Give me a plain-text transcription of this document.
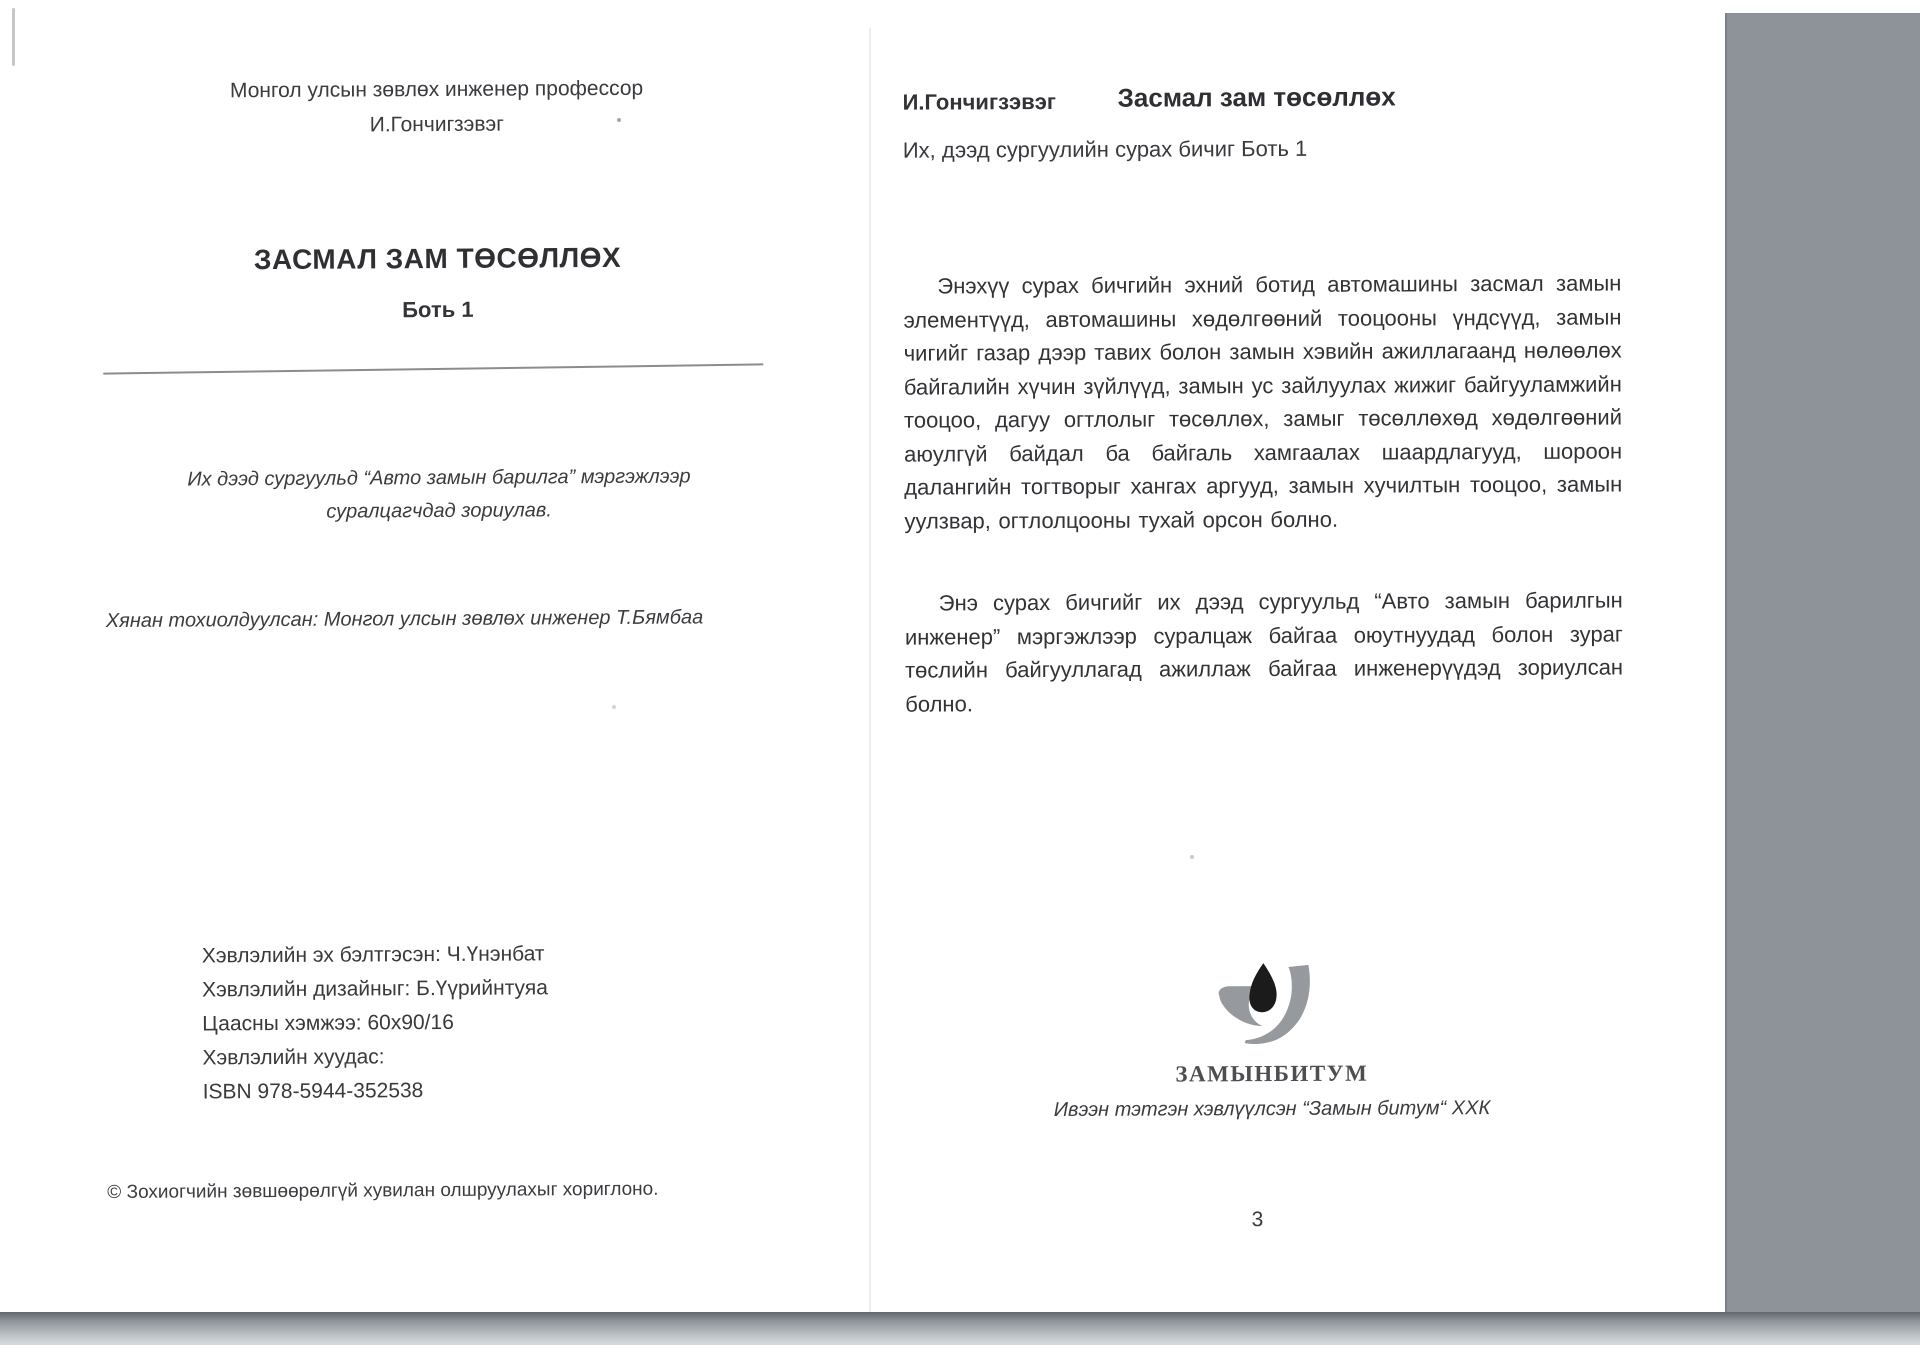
Монгол улсын зөвлөх инженер профессор
И.Гончигзэвэг
ЗАСМАЛ ЗАМ ТӨСӨЛЛӨХ
Боть 1
Их дээд сургуульд “Авто замын барилга” мэргэжлээр
суралцагчдад зориулав.
Хянан тохиолдуулсан: Монгол улсын зөвлөх инженер Т.Бямбаа
Хэвлэлийн эх бэлтгэсэн: Ч.Үнэнбат
Хэвлэлийн дизайныг: Б.Үүрийнтуяа
Цаасны хэмжээ: 60x90/16
Хэвлэлийн хуудас:
ISBN 978-5944-352538
© Зохиогчийн зөвшөөрөлгүй хувилан олшруулахыг хориглоно.
И.Гончигзэвэг Засмал зам төсөллөх
Их, дээд сургуулийн сурах бичиг Боть 1
Энэхүү сурах бичгийн эхний ботид автомашины засмал замын элементүүд, автомашины хөдөлгөөний тооцооны үндсүүд, замын чигийг газар дээр тавих болон замын хэвийн ажиллагаанд нөлөөлөх байгалийн хүчин зүйлүүд, замын ус зайлуулах жижиг байгууламжийн тооцоо, дагуу огтлолыг төсөллөх, замыг төсөллөхөд хөдөлгөөний аюулгүй байдал ба байгаль хамгаалах шаардлагууд, шороон далангийн тогтворыг хангах аргууд, замын хучилтын тооцоо, замын уулзвар, огтлолцооны тухай орсон болно.
Энэ сурах бичгийг их дээд сургуульд “Авто замын барилгын инженер” мэргэжлээр суралцаж байгаа оюутнуудад болон зураг төслийн байгууллагад ажиллаж байгаа инженерүүдэд зориулсан болно.
ЗАМЫНБИТУМ
Ивээн тэтгэн хэвлүүлсэн “Замын битум“ ХХК
3
